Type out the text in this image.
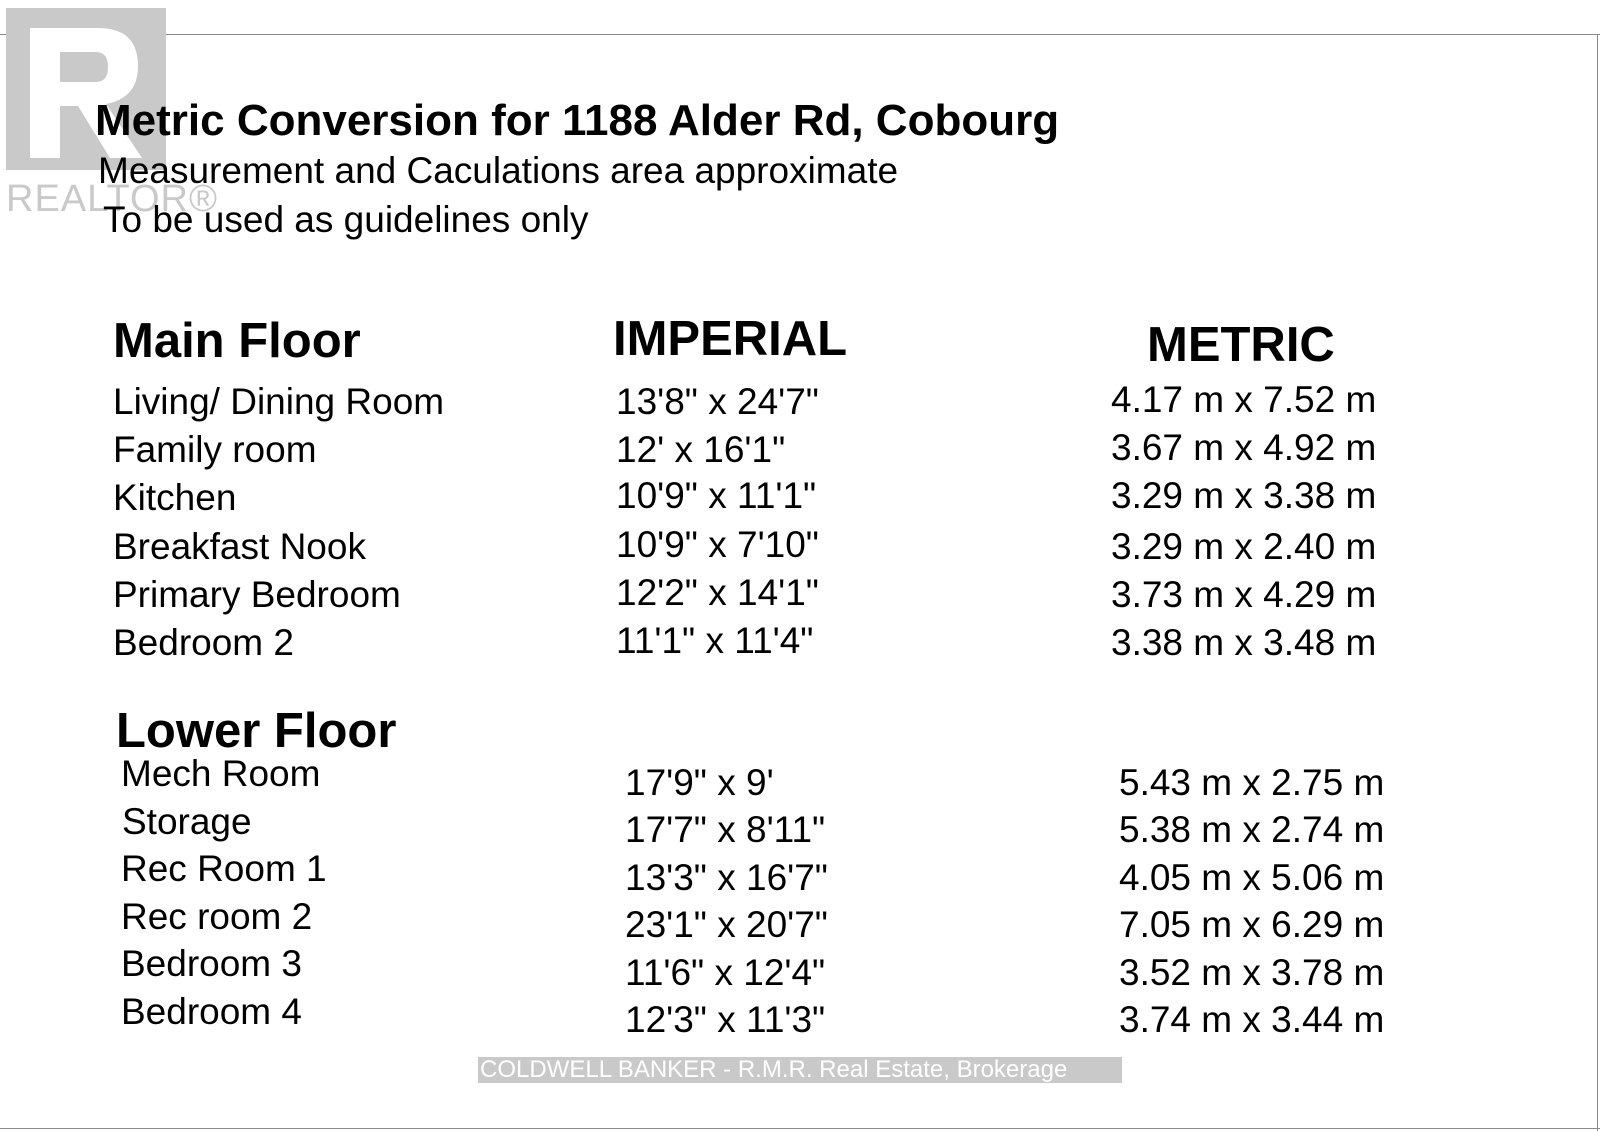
REALTOR®
Metric Conversion for 1188 Alder Rd, Cobourg
Measurement and Caculations area approximate
To be used as guidelines only
Main Floor	IMPERIAL	METRIC
Living/ Dining Room	13'8" x 24'7"	4.17 m x 7.52 m
Family room	12' x 16'1"	3.67 m x 4.92 m
Kitchen	10'9" x 11'1"	3.29 m x 3.38 m
Breakfast Nook	10'9" x 7'10"	3.29 m x 2.40 m
Primary Bedroom	12'2" x 14'1"	3.73 m x 4.29 m
Bedroom 2	11'1" x 11'4"	3.38 m x 3.48 m
Lower Floor
Mech Room	17'9" x 9'	5.43 m x 2.75 m
Storage	17'7" x 8'11"	5.38 m x 2.74 m
Rec Room 1	13'3" x 16'7"	4.05 m x 5.06 m
Rec room 2	23'1" x 20'7"	7.05 m x 6.29 m
Bedroom 3	11'6" x 12'4"	3.52 m x 3.78 m
Bedroom 4	12'3" x 11'3"	3.74 m x 3.44 m
COLDWELL BANKER - R.M.R. Real Estate, Brokerage
